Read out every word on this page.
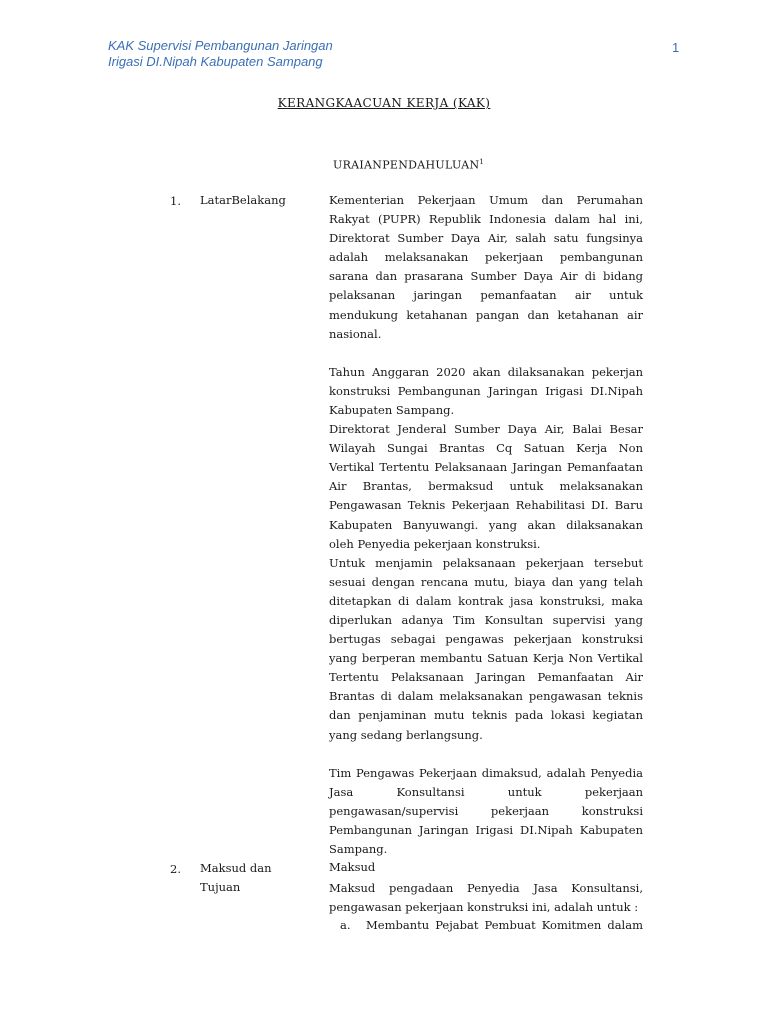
KAK Supervisi Pembangunan Jaringan
Irigasi DI.Nipah Kabupaten Sampang
1
KERANGKAACUAN KERJA (KAK)
URAIANPENDAHULUAN$^1$
1. LatarBelakang	Kementerian Pekerjaan Umum dan Perumahan Rakyat (PUPR) Republik Indonesia dalam hal ini, Direktorat Sumber Daya Air, salah satu fungsinya adalah melaksanakan pekerjaan pembangunan sarana dan prasarana Sumber Daya Air di bidang pelaksanan jaringan pemanfaatan air untuk mendukung ketahanan pangan dan ketahanan air nasional.

Tahun Anggaran 2020 akan dilaksanakan pekerjan konstruksi Pembangunan Jaringan Irigasi DI.Nipah Kabupaten Sampang.

Direktorat Jenderal Sumber Daya Air, Balai Besar Wilayah Sungai Brantas Cq Satuan Kerja Non Vertikal Tertentu Pelaksanaan Jaringan Pemanfaatan Air Brantas, bermaksud untuk melaksanakan Pengawasan Teknis Pekerjaan Rehabilitasi DI. Baru Kabupaten Banyuwangi. yang akan dilaksanakan oleh Penyedia pekerjaan konstruksi.

Untuk menjamin pelaksanaan pekerjaan tersebut sesuai dengan rencana mutu, biaya dan yang telah ditetapkan di dalam kontrak jasa konstruksi, maka diperlukan adanya Tim Konsultan supervisi yang bertugas sebagai pengawas pekerjaan konstruksi yang berperan membantu Satuan Kerja Non Vertikal Tertentu Pelaksanaan Jaringan Pemanfaatan Air Brantas di dalam melaksanakan pengawasan teknis dan penjaminan mutu teknis pada lokasi kegiatan yang sedang berlangsung.

Tim Pengawas Pekerjaan dimaksud, adalah Penyedia Jasa Konsultansi untuk pekerjaan pengawasan/supervisi pekerjaan konstruksi Pembangunan Jaringan Irigasi DI.Nipah Kabupaten Sampang.

2. Maksud dan
Tujuan
Maksud
Maksud pengadaan Penyedia Jasa Konsultansi, pengawasan pekerjaan konstruksi ini, adalah untuk :
a.	Membantu Pejabat Pembuat Komitmen dalam
